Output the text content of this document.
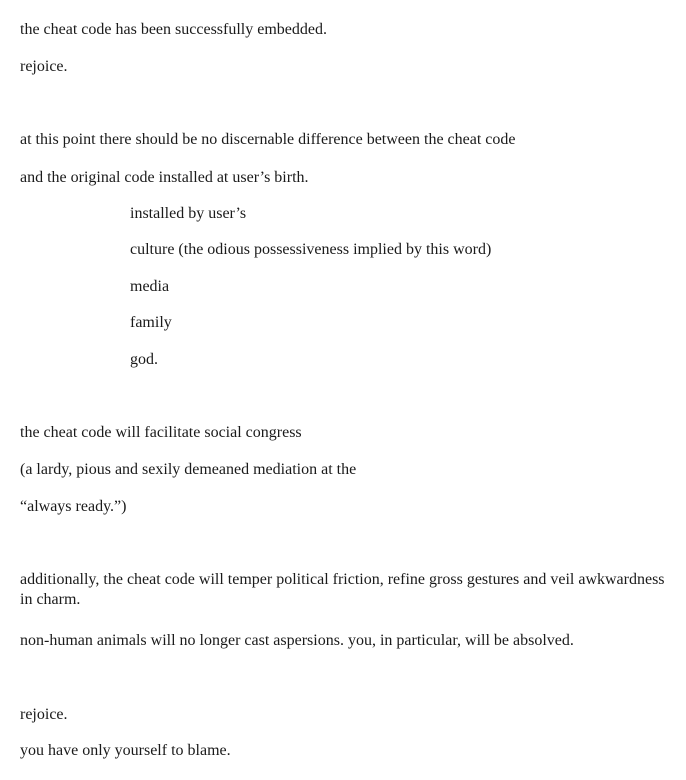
the cheat code has been successfully embedded.
rejoice.
at this point there should be no discernable difference between the cheat code
and the original code installed at user’s birth.
installed by user’s
culture (the odious possessiveness implied by this word)
media
family
god.
the cheat code will facilitate social congress
(a lardy, pious and sexily demeaned mediation at the
“always ready.”)
additionally, the cheat code will temper political friction, refine gross gestures and veil awkwardness in charm.
non-human animals will no longer cast aspersions. you, in particular, will be absolved.
rejoice.
you have only yourself to blame.
